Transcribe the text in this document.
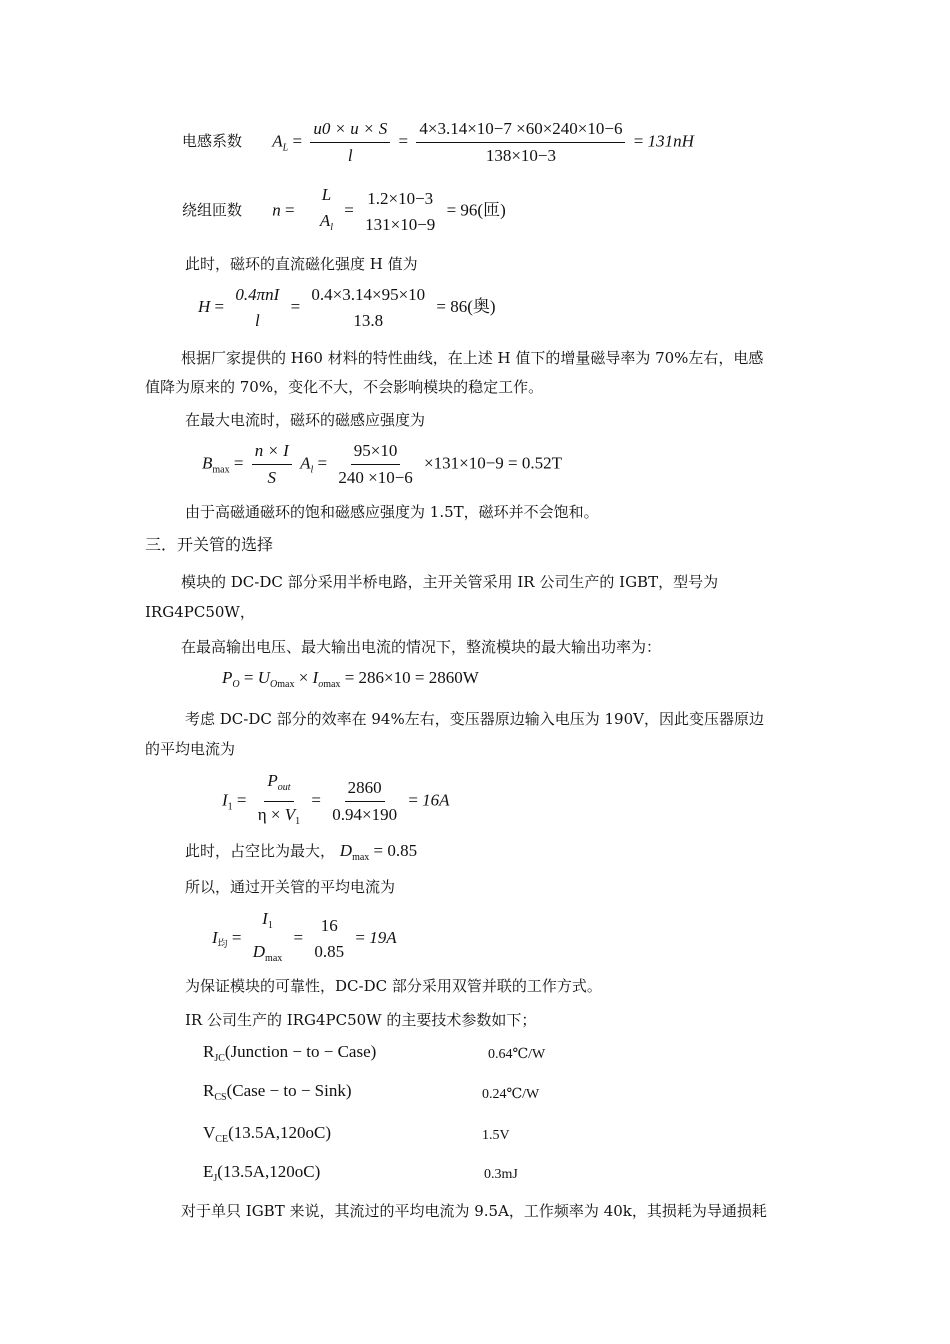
电感系数 $A_L = \frac{u0 \times u \times S}{l} = \frac{4\times 3.14\times 10-7 \times 60\times 240\times 10-6}{138\times 10-3} = 131nH$
绕组匝数 n =
L
$A_l$
=
1.2×10−3
131×10−9
= 96(匝)
此时，磁环的直流磁化强度 H 值为
H =
0.4πnI
l
=
0.4×3.14×95×10
13.8
= 86(奥)
根据厂家提供的 H60 材料的特性曲线，在上述 H 值下的增量磁导率为 70%左右，电感
值降为原来的 70%，变化不大，不会影响模块的稳定工作。
在最大电流时，磁环的磁感应强度为
$B_{max} = \frac{n \times I}{S} A_l = \frac{95\times 10}{240 \times 10-6} \times 131\times 10-9 = 0.52T$
由于高磁通磁环的饱和磁感应强度为 1.5T，磁环并不会饱和。
三．开关管的选择
模块的 DC-DC 部分采用半桥电路，主开关管采用 IR 公司生产的 IGBT，型号为
IRG4PC50W，
在最高输出电压、最大输出电流的情况下，整流模块的最大输出功率为：
$P_O = U_{Omax} \times I_{omax} = 286\times 10 = 2860W$
考虑 DC-DC 部分的效率在 94%左右，变压器原边输入电压为 190V，因此变压器原边
的平均电流为
$I_1 = \frac{P_{out}}{\eta \times V_1} = \frac{2860}{0.94\times 190} = 16A$
此时，占空比为最大， $D_{max} = 0.85$
所以，通过开关管的平均电流为
$I_均$ =
$I_1$
$D_{max}$
=
16
0.85
= 19A
为保证模块的可靠性，DC-DC 部分采用双管并联的工作方式。
IR 公司生产的 IRG4PC50W 的主要技术参数如下；
$R_{JC}(Junction$ − to − Case)	0.64℃/W
$R_{CS}(Case$ − to − Sink)	0.24℃/W
$V_{CE}(13.5A,120oC)$	1.5V
$E_J(13.5A,120oC)$	0.3mJ
对于单只 IGBT 来说，其流过的平均电流为 9.5A，工作频率为 40k，其损耗为导通损耗
